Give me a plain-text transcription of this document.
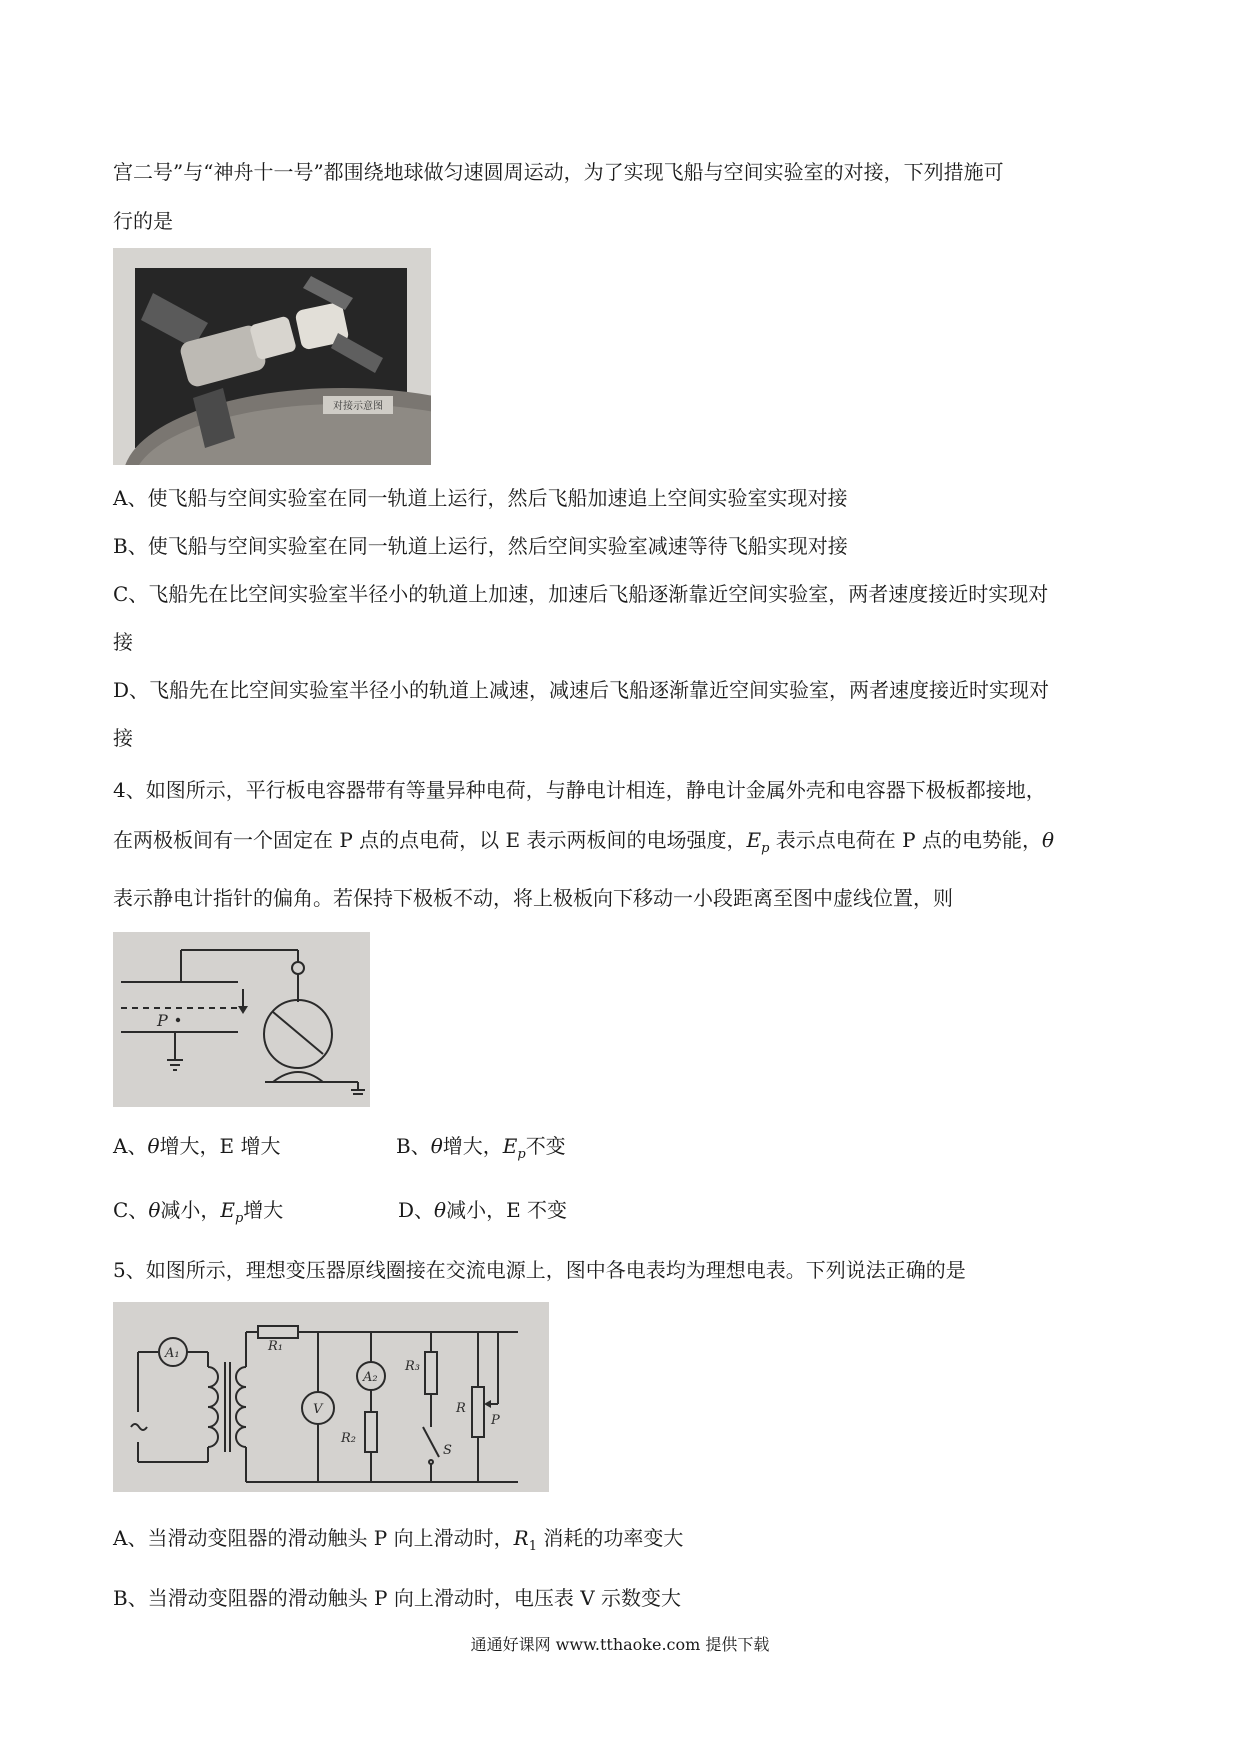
宫二号”与“神舟十一号”都围绕地球做匀速圆周运动，为了实现飞船与空间实验室的对接，下列措施可
行的是
对接示意图
A、使飞船与空间实验室在同一轨道上运行，然后飞船加速追上空间实验室实现对接
B、使飞船与空间实验室在同一轨道上运行，然后空间实验室减速等待飞船实现对接
C、飞船先在比空间实验室半径小的轨道上加速，加速后飞船逐渐靠近空间实验室，两者速度接近时实现对
接
D、飞船先在比空间实验室半径小的轨道上减速，减速后飞船逐渐靠近空间实验室，两者速度接近时实现对
接
4、如图所示，平行板电容器带有等量异种电荷，与静电计相连，静电计金属外壳和电容器下极板都接地，
在两极板间有一个固定在 P 点的点电荷，以 E 表示两板间的电场强度，$E_p$ 表示点电荷在 P 点的电势能，θ
表示静电计指针的偏角。若保持下极板不动，将上极板向下移动一小段距离至图中虚线位置，则
P
A、θ增大，E 增大	B、θ增大，$E_p$不变
C、θ减小，$E_p$增大	D、θ减小，E 不变
5、如图所示，理想变压器原线圈接在交流电源上，图中各电表均为理想电表。下列说法正确的是
A₁	R₁
V
A₂
R₂
R₃
R
S
P
A、当滑动变阻器的滑动触头 P 向上滑动时，$R_1$ 消耗的功率变大
B、当滑动变阻器的滑动触头 P 向上滑动时，电压表 V 示数变大
通通好课网 www.tthaoke.com 提供下载
